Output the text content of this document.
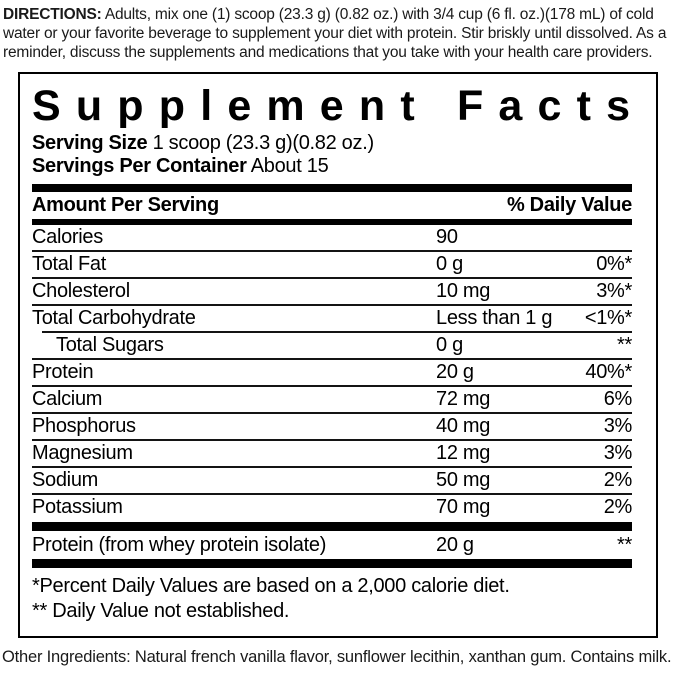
DIRECTIONS: Adults, mix one (1) scoop (23.3 g) (0.82 oz.) with 3/4 cup (6 fl. oz.)(178 mL) of cold water or your favorite beverage to supplement your diet with protein. Stir briskly until dissolved. As a reminder, discuss the supplements and medications that you take with your health care providers.
Supplement Facts
Serving Size 1 scoop (23.3 g)(0.82 oz.)
Servings Per Container About 15
Amount Per Serving	% Daily Value
Calories	90
Total Fat	0 g	0%*
Cholesterol	10 mg	3%*
Total Carbohydrate	Less than 1 g	<1%*
Total Sugars	0 g	**
Protein	20 g	40%*
Calcium	72 mg	6%
Phosphorus	40 mg	3%
Magnesium	12 mg	3%
Sodium	50 mg	2%
Potassium	70 mg	2%
Protein (from whey protein isolate)	20 g	**
*Percent Daily Values are based on a 2,000 calorie diet.
** Daily Value not established.
Other Ingredients: Natural french vanilla flavor, sunflower lecithin, xanthan gum. Contains milk.
